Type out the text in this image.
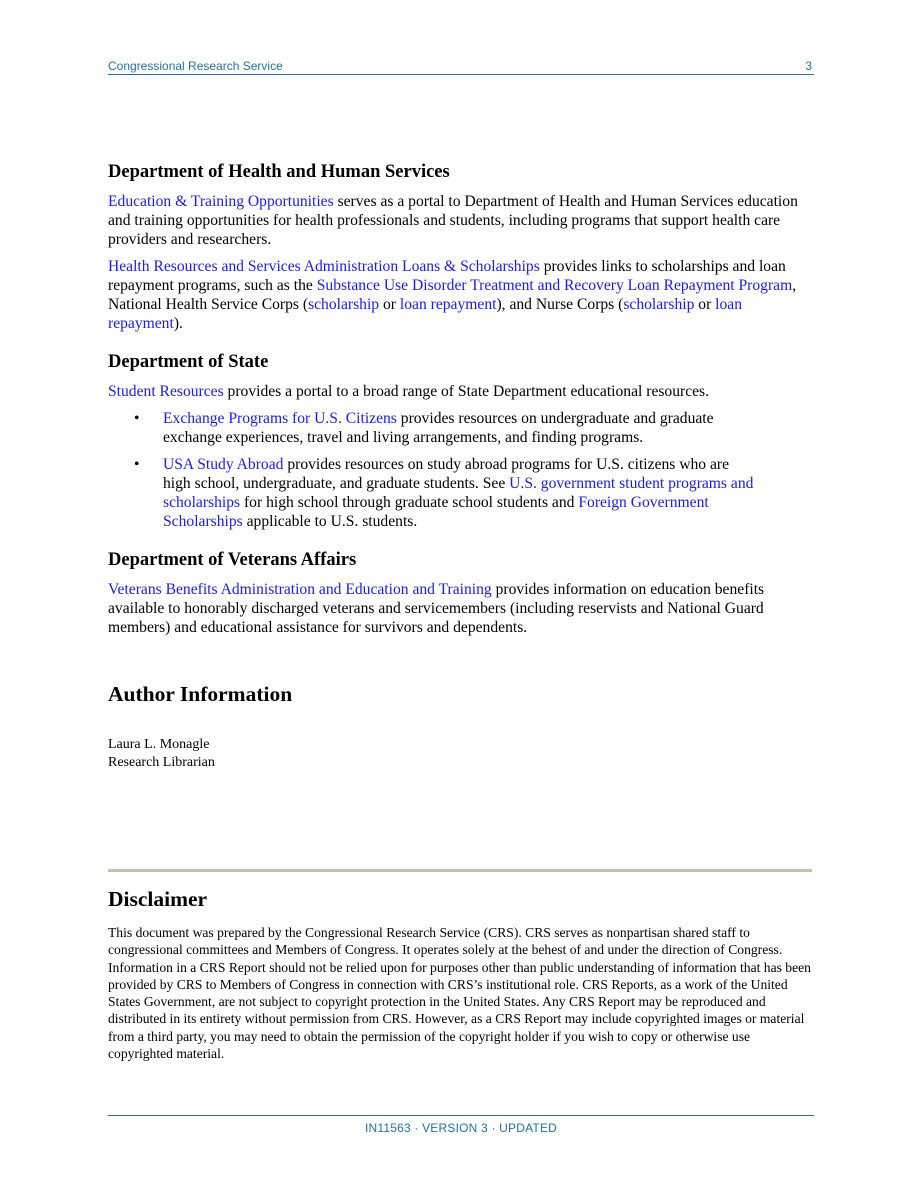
Congressional Research Service	3
Department of Health and Human Services

Education & Training Opportunities serves as a portal to Department of Health and Human Services education and training opportunities for health professionals and students, including programs that support health care providers and researchers.

Health Resources and Services Administration Loans & Scholarships provides links to scholarships and loan repayment programs, such as the Substance Use Disorder Treatment and Recovery Loan Repayment Program, National Health Service Corps (scholarship or loan repayment), and Nurse Corps (scholarship or loan repayment).

Department of State

Student Resources provides a portal to a broad range of State Department educational resources.

• Exchange Programs for U.S. Citizens provides resources on undergraduate and graduate exchange experiences, travel and living arrangements, and finding programs.
• USA Study Abroad provides resources on study abroad programs for U.S. citizens who are high school, undergraduate, and graduate students. See U.S. government student programs and scholarships for high school through graduate school students and Foreign Government Scholarships applicable to U.S. students.
Department of Veterans Affairs

Veterans Benefits Administration and Education and Training provides information on education benefits available to honorably discharged veterans and servicemembers (including reservists and National Guard members) and educational assistance for survivors and dependents.

Author Information
Laura L. Monagle
Research Librarian
Disclaimer

This document was prepared by the Congressional Research Service (CRS). CRS serves as nonpartisan shared staff to congressional committees and Members of Congress. It operates solely at the behest of and under the direction of Congress. Information in a CRS Report should not be relied upon for purposes other than public understanding of information that has been provided by CRS to Members of Congress in connection with CRS’s institutional role. CRS Reports, as a work of the United States Government, are not subject to copyright protection in the United States. Any CRS Report may be reproduced and distributed in its entirety without permission from CRS. However, as a CRS Report may include copyrighted images or material from a third party, you may need to obtain the permission of the copyright holder if you wish to copy or otherwise use copyrighted material.

IN11563 · VERSION 3 · UPDATED
